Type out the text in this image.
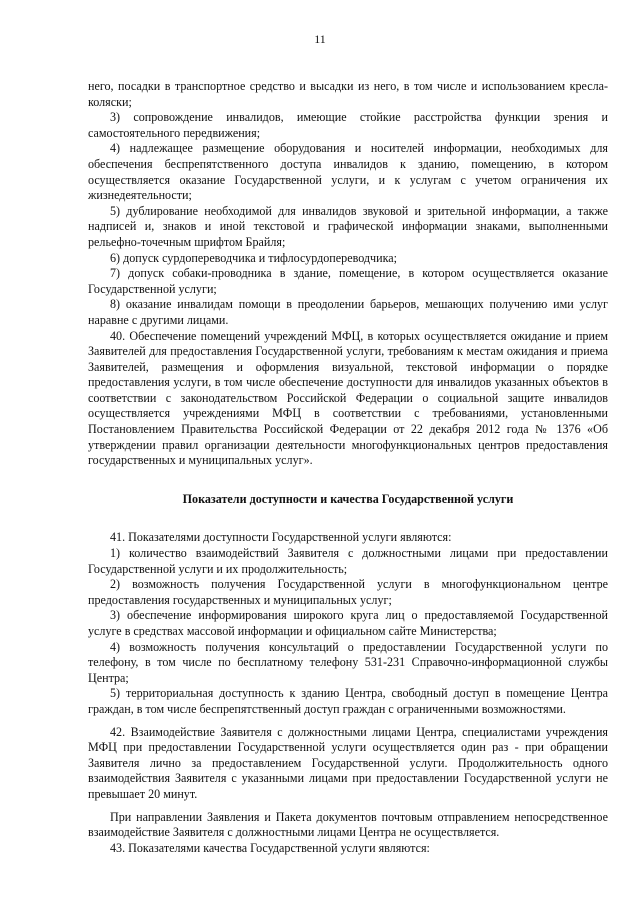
11

него, посадки в транспортное средство и высадки из него, в том числе и использованием кресла-коляски;

3) сопровождение инвалидов, имеющие стойкие расстройства функции зрения и самостоятельного передвижения;

4) надлежащее размещение оборудования и носителей информации, необходимых для обеспечения беспрепятственного доступа инвалидов к зданию, помещению, в котором осуществляется оказание Государственной услуги, и к услугам с учетом ограничения их жизнедеятельности;

5) дублирование необходимой для инвалидов звуковой и зрительной информации, а также надписей и, знаков и иной текстовой и графической информации знаками, выполненными рельефно-точечным шрифтом Брайля;

6) допуск сурдопереводчика и тифлосурдопереводчика;

7) допуск собаки-проводника в здание, помещение, в котором осуществляется оказание Государственной услуги;

8) оказание инвалидам помощи в преодолении барьеров, мешающих получению ими услуг наравне с другими лицами.

40. Обеспечение помещений учреждений МФЦ, в которых осуществляется ожидание и прием Заявителей для предоставления Государственной услуги, требованиям к местам ожидания и приема Заявителей, размещения и оформления визуальной, текстовой информации о порядке предоставления услуги, в том числе обеспечение доступности для инвалидов указанных объектов в соответствии с законодательством Российской Федерации о социальной защите инвалидов осуществляется учреждениями МФЦ в соответствии с требованиями, установленными Постановлением Правительства Российской Федерации от 22 декабря 2012 года № 1376 «Об утверждении правил организации деятельности многофункциональных центров предоставления государственных и муниципальных услуг».

Показатели доступности и качества Государственной услуги

41. Показателями доступности Государственной услуги являются:

1) количество взаимодействий Заявителя с должностными лицами при предоставлении Государственной услуги и их продолжительность;

2) возможность получения Государственной услуги в многофункциональном центре предоставления государственных и муниципальных услуг;

3) обеспечение информирования широкого круга лиц о предоставляемой Государственной услуге в средствах массовой информации и официальном сайте Министерства;

4) возможность получения консультаций о предоставлении Государственной услуги по телефону, в том числе по бесплатному телефону 531-231 Справочно-информационной службы Центра;

5) территориальная доступность к зданию Центра, свободный доступ в помещение Центра граждан, в том числе беспрепятственный доступ граждан с ограниченными возможностями.

42. Взаимодействие Заявителя с должностными лицами Центра, специалистами учреждения МФЦ при предоставлении Государственной услуги осуществляется один раз - при обращении Заявителя лично за предоставлением Государственной услуги. Продолжительность одного взаимодействия Заявителя с указанными лицами при предоставлении Государственной услуги не превышает 20 минут.

При направлении Заявления и Пакета документов почтовым отправлением непосредственное взаимодействие Заявителя с должностными лицами Центра не осуществляется.

43. Показателями качества Государственной услуги являются:
